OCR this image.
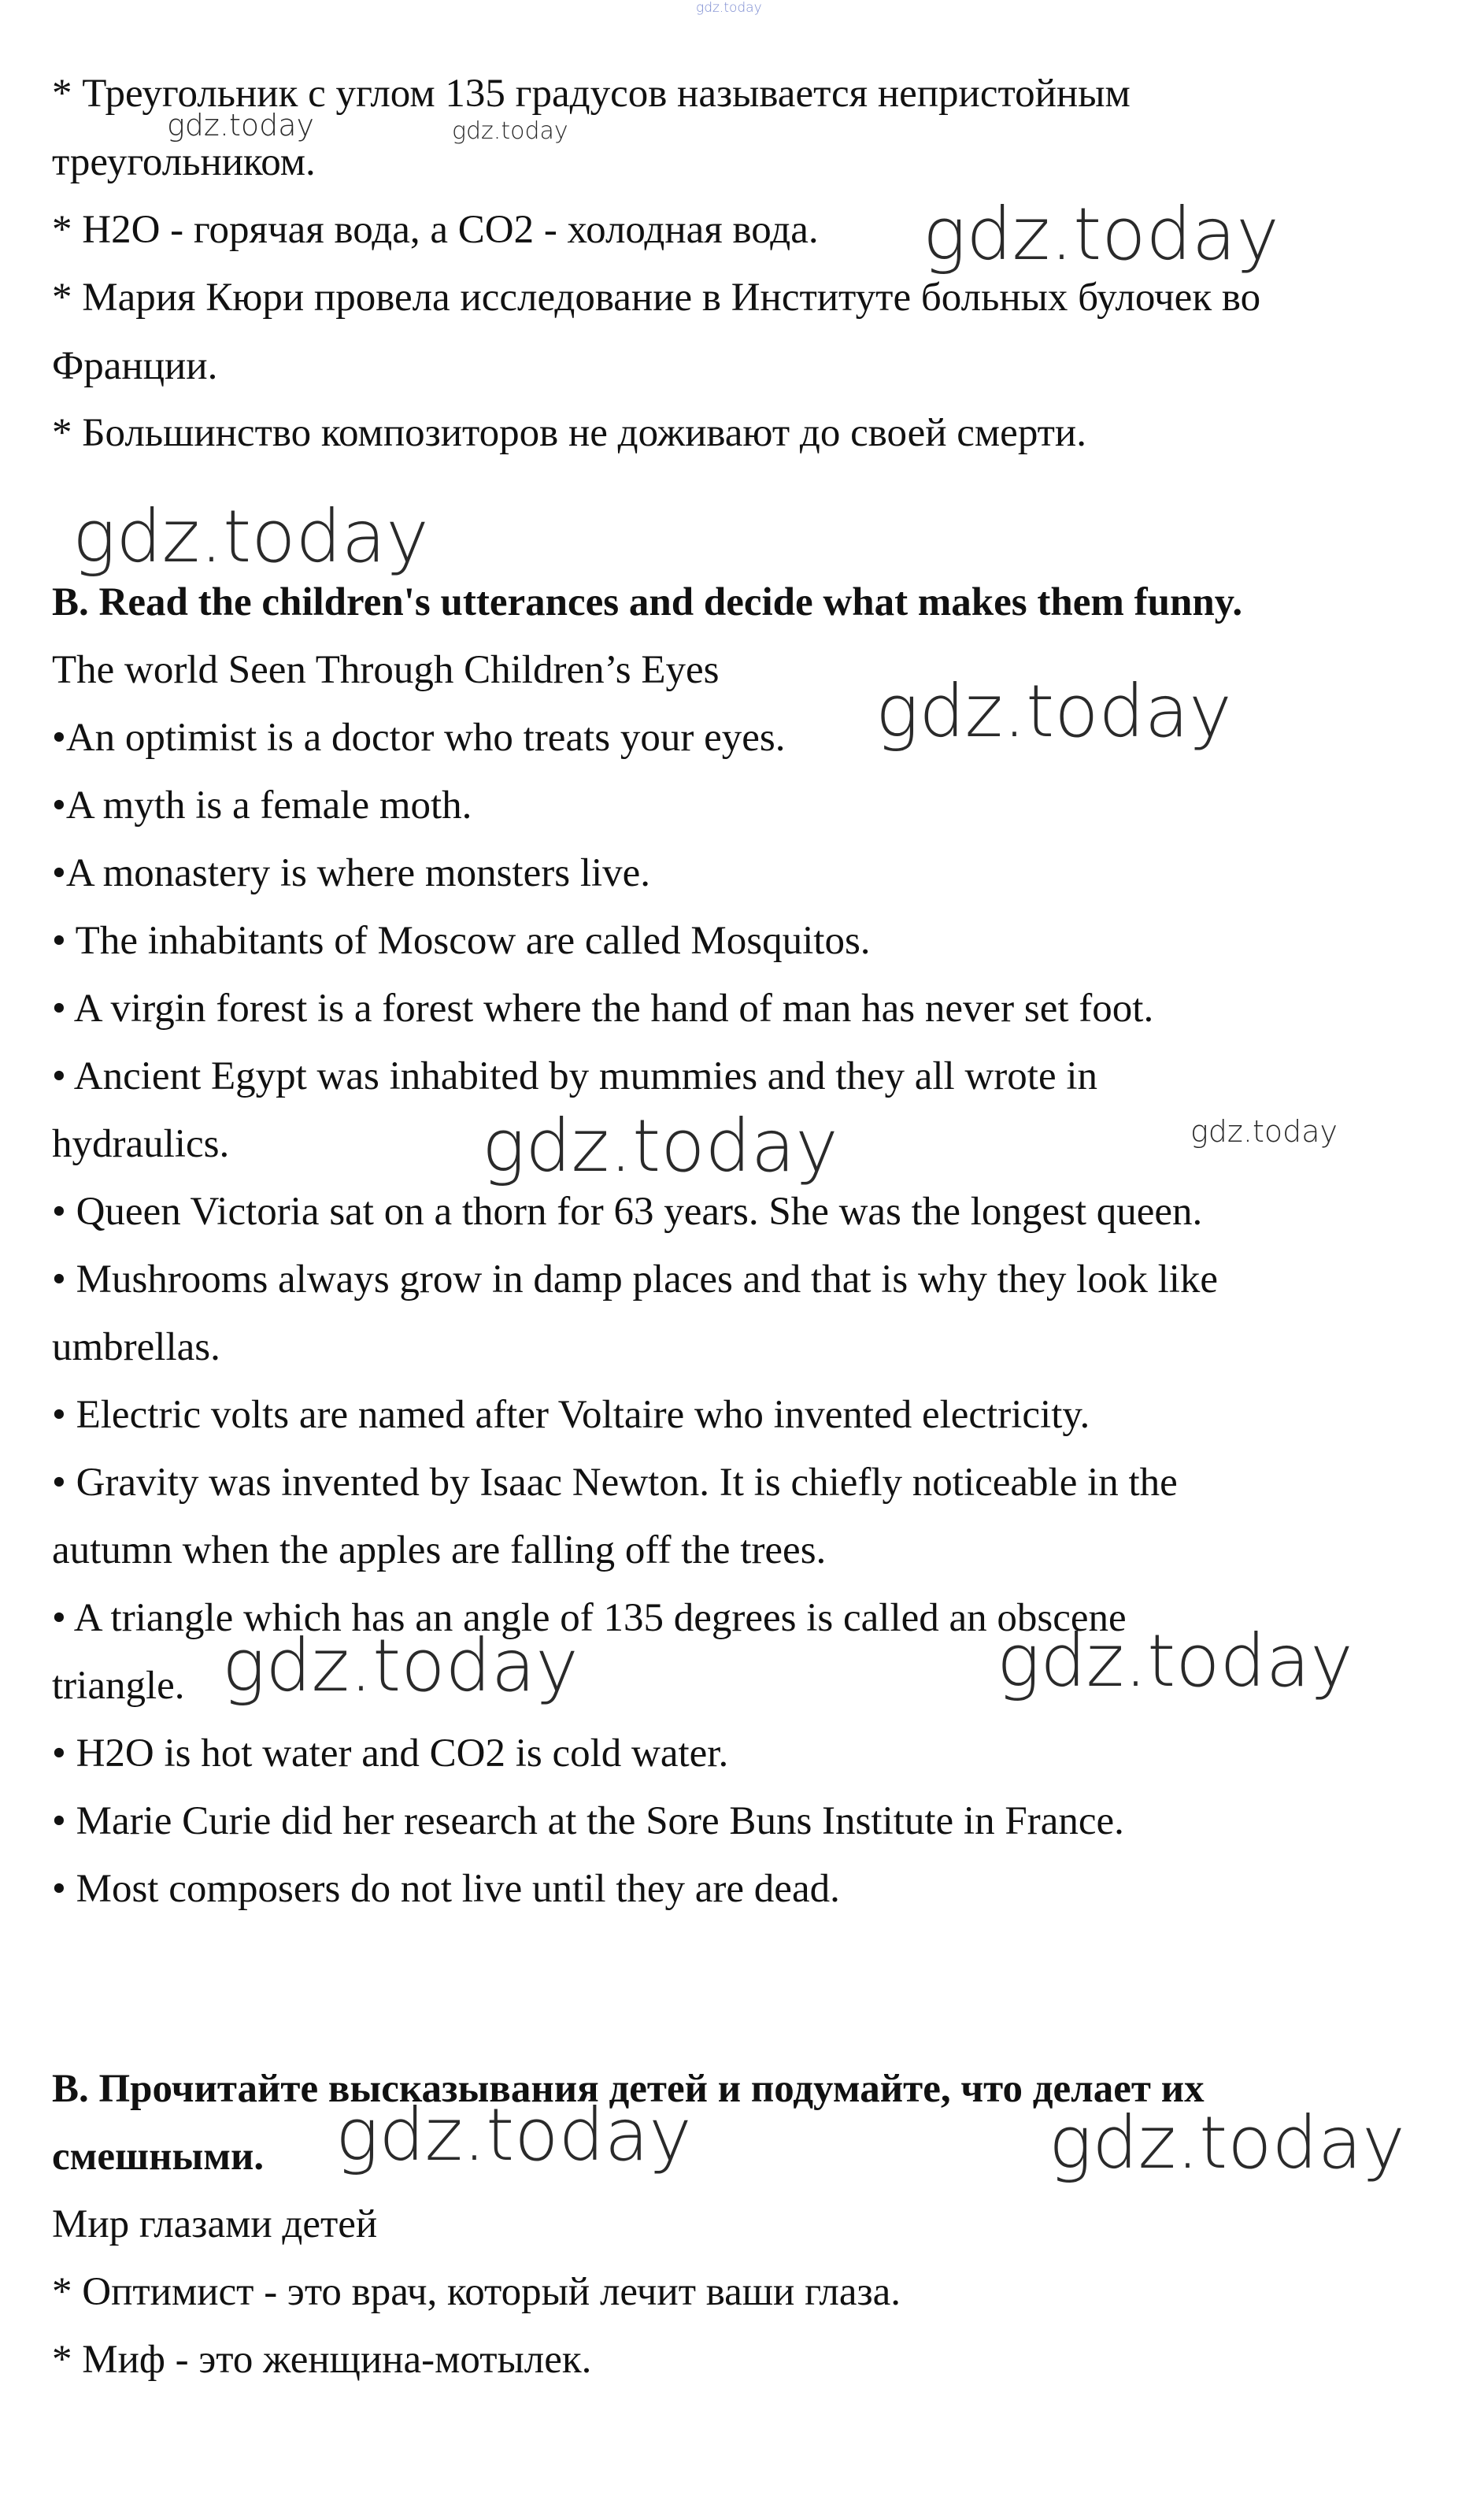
gdz.today
* Треугольник с углом 135 градусов называется непристойным
треугольником.
* H2O - горячая вода, а CO2 - холодная вода.
* Мария Кюри провела исследование в Институте больных булочек во
Франции.
* Большинство композиторов не доживают до своей смерти.
B. Read the children's utterances and decide what makes them funny.
The world Seen Through Children’s Eyes
•An optimist is a doctor who treats your eyes.
•A myth is a female moth.
•A monastery is where monsters live.
• The inhabitants of Moscow are called Mosquitos.
• A virgin forest is a forest where the hand of man has never set foot.
• Ancient Egypt was inhabited by mummies and they all wrote in
hydraulics.
• Queen Victoria sat on a thorn for 63 years. She was the longest queen.
• Mushrooms always grow in damp places and that is why they look like
umbrellas.
• Electric volts are named after Voltaire who invented electricity.
• Gravity was invented by Isaac Newton. It is chiefly noticeable in the
autumn when the apples are falling off the trees.
• A triangle which has an angle of 135 degrees is called an obscene
triangle.
• H2O is hot water and CO2 is cold water.
• Marie Curie did her research at the Sore Buns Institute in France.
• Most composers do not live until they are dead.
B. Прочитайте высказывания детей и подумайте, что делает их
смешными.
Мир глазами детей
* Оптимист - это врач, который лечит ваши глаза.
* Миф - это женщина-мотылек.
gdz.today	gdz.today
gdz.today
gdz.today
gdz.today
gdz.today	gdz.today
gdz.today	gdz.today
gdz.today	gdz.today
